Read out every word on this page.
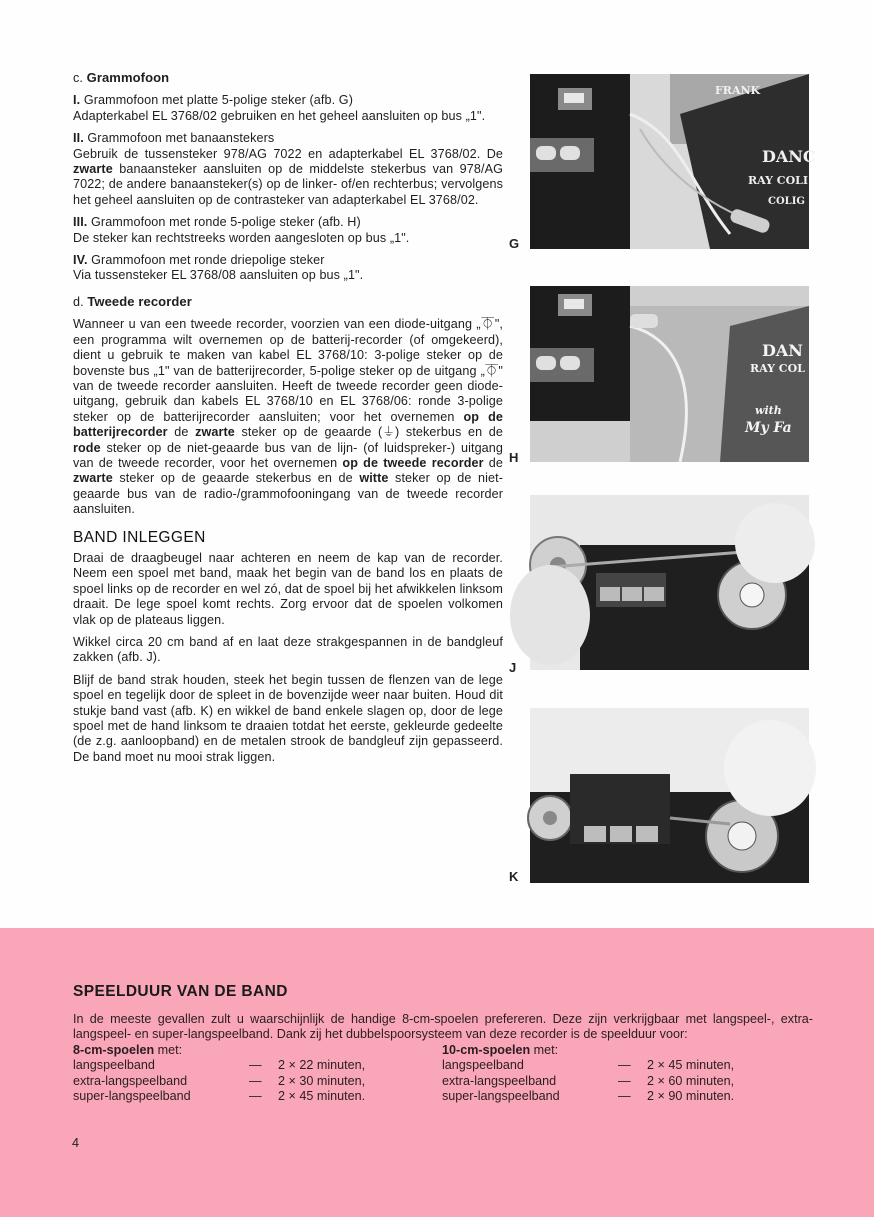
c. Grammofoon

I. Grammofoon met platte 5-polige steker (afb. G)

Adapterkabel EL 3768/02 gebruiken en het geheel aansluiten op bus „1".

II. Grammofoon met banaanstekers

Gebruik de tussensteker 978/AG 7022 en adapterkabel EL 3768/02. De zwarte banaansteker aansluiten op de middelste stekerbus van 978/AG 7022; de andere banaansteker(s) op de linker- of/en rechterbus; vervolgens het geheel aansluiten op de contrasteker van adapterkabel EL 3768/02.

III. Grammofoon met ronde 5-polige steker (afb. H)

De steker kan rechtstreeks worden aangesloten op bus „1".

IV. Grammofoon met ronde driepolige steker

Via tussensteker EL 3768/08 aansluiten op bus „1".

d. Tweede recorder

Wanneer u van een tweede recorder, voorzien van een diode-uitgang „⏁", een programma wilt overnemen op de batterij-recorder (of omgekeerd), dient u gebruik te maken van kabel EL 3768/10: 3-polige steker op de bovenste bus „1" van de batterijrecorder, 5-polige steker op de uitgang „⏁" van de tweede recorder aansluiten. Heeft de tweede recorder geen diode-uitgang, gebruik dan kabels EL 3768/10 en EL 3768/06: ronde 3-polige steker op de batterijrecorder aansluiten; voor het overnemen op de batterijrecorder de zwarte steker op de geaarde (⏚) stekerbus en de rode steker op de niet-geaarde bus van de lijn- (of luidspreker-) uitgang van de tweede recorder, voor het overnemen op de tweede recorder de zwarte steker op de geaarde stekerbus en de witte steker op de niet-geaarde bus van de radio-/grammofooningang van de tweede recorder aansluiten.

BAND INLEGGEN

Draai de draagbeugel naar achteren en neem de kap van de recorder. Neem een spoel met band, maak het begin van de band los en plaats de spoel links op de recorder en wel zó, dat de spoel bij het afwikkelen linksom draait. De lege spoel komt rechts. Zorg ervoor dat de spoelen volkomen vlak op de plateaus liggen.

Wikkel circa 20 cm band af en laat deze strakgespannen in de bandgleuf zakken (afb. J).

Blijf de band strak houden, steek het begin tussen de flenzen van de lege spoel en tegelijk door de spleet in de bovenzijde weer naar buiten. Houd dit stukje band vast (afb. K) en wikkel de band enkele slagen op, door de lege spoel met de hand linksom te draaien totdat het eerste, gekleurde gedeelte (de z.g. aanloopband) en de metalen strook de bandgleuf zijn gepasseerd. De band moet nu mooi strak liggen.

FRANK
DANC
RAY COLI
COLIG
G
DAN
RAY COL
with
My Fa
H
J
K
SPEELDUUR VAN DE BAND

In de meeste gevallen zult u waarschijnlijk de handige 8-cm-spoelen prefereren. Deze zijn verkrijgbaar met langspeel-, extra-langspeel- en super-langspeelband. Dank zij het dubbelspoorsysteem van deze recorder is de speelduur voor:

8-cm-spoelen met:
langspeelband	— 2 × 22 minuten,
extra-langspeelband	— 2 × 30 minuten,
super-langspeelband	— 2 × 45 minuten.
10-cm-spoelen met:
langspeelband	— 2 × 45 minuten,
extra-langspeelband	— 2 × 60 minuten,
super-langspeelband	— 2 × 90 minuten.
4
